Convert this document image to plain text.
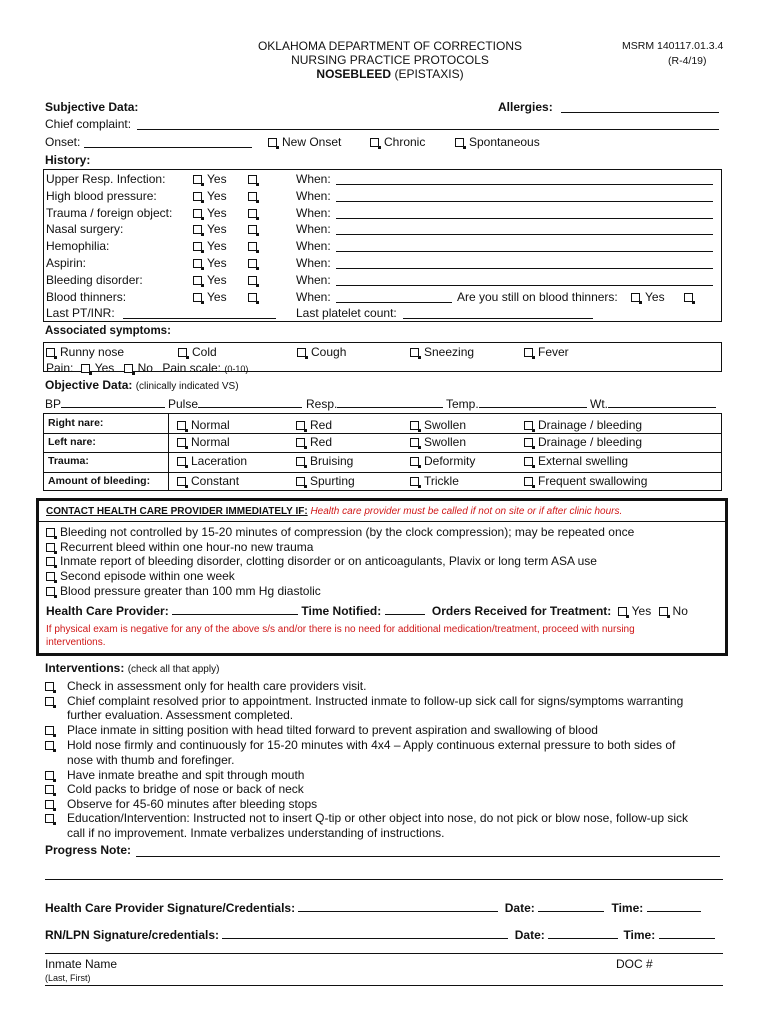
OKLAHOMA DEPARTMENT OF CORRECTIONS
NURSING PRACTICE PROTOCOLS
NOSEBLEED (EPISTAXIS)
MSRM 140117.01.3.4
(R-4/19)
Subjective Data:	Allergies:
Chief complaint:
Onset:	New Onset	Chronic	Spontaneous
History:
Upper Resp. Infection:	Yes	When:
High blood pressure:	Yes	When:
Trauma / foreign object:	Yes	When:
Nasal surgery:	Yes	When:
Hemophilia:	Yes	When:
Aspirin:	Yes	When:
Bleeding disorder:	Yes	When:
Blood thinners:	Yes	When:	Are you still on blood thinners:	Yes
Last PT/INR:	Last platelet count:
Associated symptoms:
Runny nose	Cold	Cough	Sneezing	Fever
Pain: Yes No Pain scale: (0-10)
Objective Data: (clinically indicated VS)
BP	Pulse	Resp.	Temp.	Wt.
Right nare:	Normal	Red	Swollen	Drainage / bleeding
Left nare:	Normal	Red	Swollen	Drainage / bleeding
Trauma:	Laceration	Bruising	Deformity	External swelling
Amount of bleeding:	Constant	Spurting	Trickle	Frequent swallowing
CONTACT HEALTH CARE PROVIDER IMMEDIATELY IF: Health care provider must be called if not on site or if after clinic hours.
Bleeding not controlled by 15-20 minutes of compression (by the clock compression); may be repeated once
Recurrent bleed within one hour-no new trauma
Inmate report of bleeding disorder, clotting disorder or on anticoagulants, Plavix or long term ASA use
Second episode within one week
Blood pressure greater than 100 mm Hg diastolic
Health Care Provider:	Time Notified:	Orders Received for Treatment: Yes No
If physical exam is negative for any of the above s/s and/or there is no need for additional medication/treatment, proceed with nursing
interventions.
Interventions: (check all that apply)
Check in assessment only for health care providers visit.
Chief complaint resolved prior to appointment. Instructed inmate to follow-up sick call for signs/symptoms warranting
further evaluation. Assessment completed.
Place inmate in sitting position with head tilted forward to prevent aspiration and swallowing of blood
Hold nose firmly and continuously for 15-20 minutes with 4x4 – Apply continuous external pressure to both sides of
nose with thumb and forefinger.
Have inmate breathe and spit through mouth
Cold packs to bridge of nose or back of neck
Observe for 45-60 minutes after bleeding stops
Education/Intervention: Instructed not to insert Q-tip or other object into nose, do not pick or blow nose, follow-up sick
call if no improvement. Inmate verbalizes understanding of instructions.
Progress Note:
Health Care Provider Signature/Credentials:	Date:	Time:
RN/LPN Signature/credentials:	Date:	Time:
Inmate Name
(Last, First)
DOC #
